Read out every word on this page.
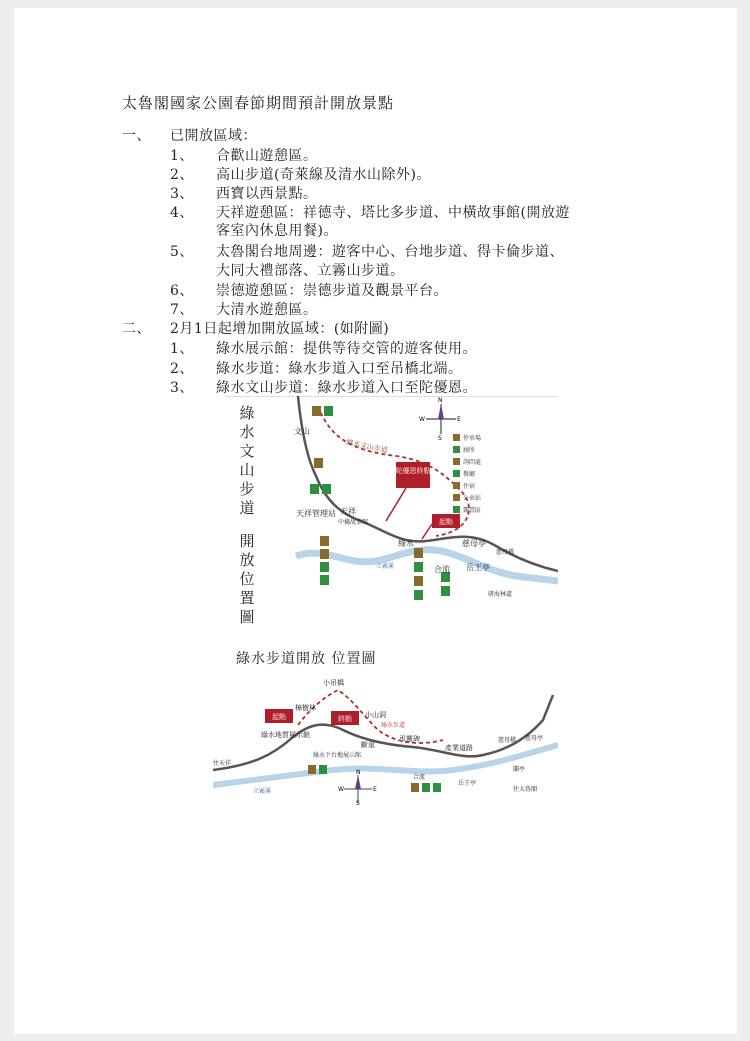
太魯閣國家公園春節期間預計開放景點
一、 已開放區域：
1、 合歡山遊憩區。
2、 高山步道(奇萊線及清水山除外)。
3、 西寶以西景點。
4、 天祥遊憩區：祥德寺、塔比多步道、中橫故事館(開放遊
客室內休息用餐)。
5、 太魯閣台地周邊：遊客中心、台地步道、得卡倫步道、
大同大禮部落、立霧山步道。
6、 崇德遊憩區：崇德步道及觀景平台。
7、 大清水遊憩區。
二、 2月1日起增加開放區域：(如附圖)
1、 綠水展示館：提供等待交管的遊客使用。
2、 綠水步道：綠水步道入口至吊橋北端。
3、 綠水文山步道：綠水步道入口至陀優恩。
綠
水
文
山
步
道
開
放
位
置
圖
N
S
E
W
停車場
廁所
詢問處
餐廳
住宿
公車站
露營區
陀優恩終點
起點
文山
綠水文山步道
天祥
中橫故事館
天祥管理站
綠水	慈母亭
慈母橋
合流 岳王亭
研海林道
立霧溪
綠水步道開放 位置圖
起點	終點
N
E
W
S
小吊橋
樟樹林
綠水地質展示館
小山洞
斷崖
綠水步道
弔靈碑
產業道路
綠水下台地展示館
合流
岳王亭
慈母橋 慈母亭
往天祥
往太魯閣
蘭亭
立霧溪
